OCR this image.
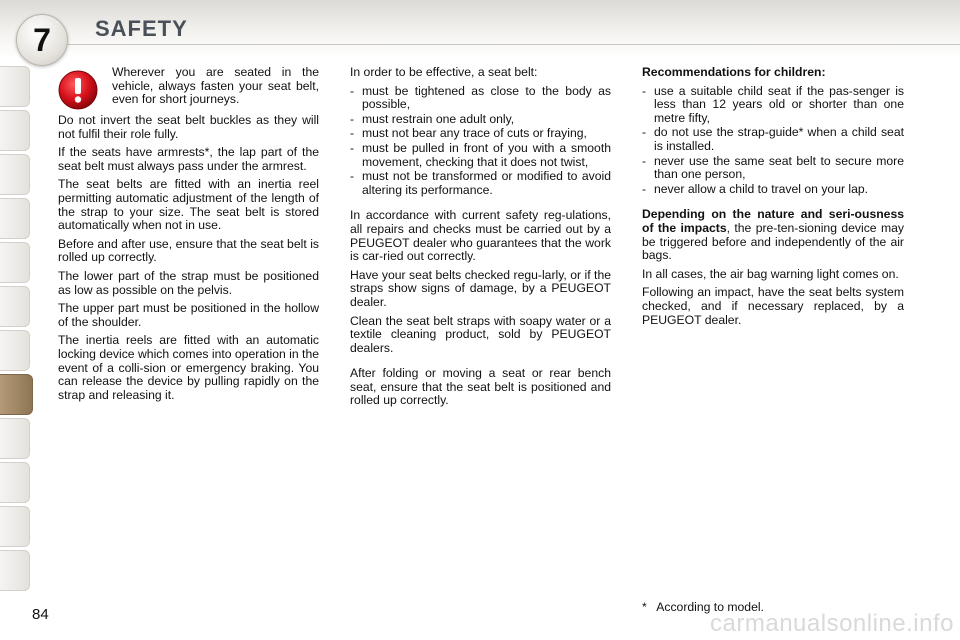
7	SAFETY

Wherever you are seated in the vehicle, always fasten your seat belt, even for short journeys.

Do not invert the seat belt buckles as they will not fulfil their role fully.

If the seats have armrests*, the lap part of the seat belt must always pass under the armrest.

The seat belts are fitted with an inertia reel permitting automatic adjustment of the length of the strap to your size. The seat belt is stored automatically when not in use.

Before and after use, ensure that the seat belt is rolled up correctly.

The lower part of the strap must be positioned as low as possible on the pelvis.

The upper part must be positioned in the hollow of the shoulder.

The inertia reels are fitted with an automatic locking device which comes into operation in the event of a colli-sion or emergency braking. You can release the device by pulling rapidly on the strap and releasing it.

In order to be effective, a seat belt:

- must be tightened as close to the body as possible,
- must restrain one adult only,
- must not bear any trace of cuts or fraying,
- must be pulled in front of you with a smooth movement, checking that it does not twist,
- must not be transformed or modified to avoid altering its performance.

In accordance with current safety reg-ulations, all repairs and checks must be carried out by a PEUGEOT dealer who guarantees that the work is car-ried out correctly.

Have your seat belts checked regu-larly, or if the straps show signs of damage, by a PEUGEOT dealer.

Clean the seat belt straps with soapy water or a textile cleaning product, sold by PEUGEOT dealers.

After folding or moving a seat or rear bench seat, ensure that the seat belt is positioned and rolled up correctly.

Recommendations for children:

- use a suitable child seat if the pas-senger is less than 12 years old or shorter than one metre fifty,
- do not use the strap-guide* when a child seat is installed.
- never use the same seat belt to secure more than one person,
- never allow a child to travel on your lap.

Depending on the nature and seri-ousness of the impacts, the pre-ten-sioning device may be triggered before and independently of the air bags.

In all cases, the air bag warning light comes on.

Following an impact, have the seat belts system checked, and if necessary replaced, by a PEUGEOT dealer.

*   According to model.
84	carmanualsonline.info
